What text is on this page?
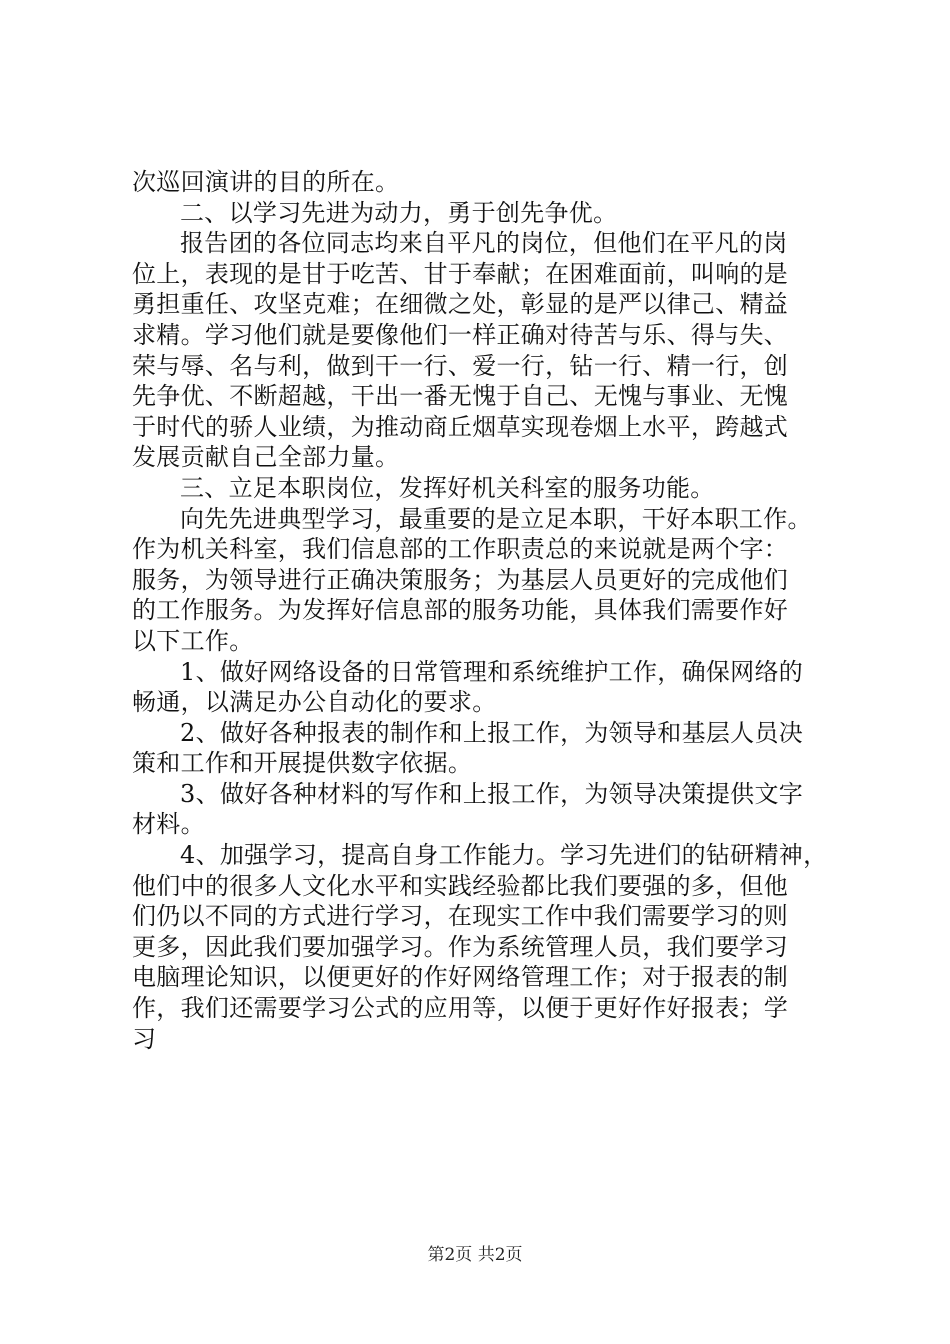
次巡回演讲的目的所在。
二、以学习先进为动力，勇于创先争优。
报告团的各位同志均来自平凡的岗位，但他们在平凡的岗
位上，表现的是甘于吃苦、甘于奉献；在困难面前，叫响的是
勇担重任、攻坚克难；在细微之处，彰显的是严以律己、精益
求精。学习他们就是要像他们一样正确对待苦与乐、得与失、
荣与辱、名与利，做到干一行、爱一行，钻一行、精一行，创
先争优、不断超越，干出一番无愧于自己、无愧与事业、无愧
于时代的骄人业绩，为推动商丘烟草实现卷烟上水平，跨越式
发展贡献自己全部力量。
三、立足本职岗位，发挥好机关科室的服务功能。
向先先进典型学习，最重要的是立足本职，干好本职工作。
作为机关科室，我们信息部的工作职责总的来说就是两个字：
服务，为领导进行正确决策服务；为基层人员更好的完成他们
的工作服务。为发挥好信息部的服务功能，具体我们需要作好
以下工作。
1、做好网络设备的日常管理和系统维护工作，确保网络的
畅通，以满足办公自动化的要求。
2、做好各种报表的制作和上报工作，为领导和基层人员决
策和工作和开展提供数字依据。
3、做好各种材料的写作和上报工作，为领导决策提供文字
材料。
4、加强学习，提高自身工作能力。学习先进们的钻研精神，
他们中的很多人文化水平和实践经验都比我们要强的多，但他
们仍以不同的方式进行学习，在现实工作中我们需要学习的则
更多，因此我们要加强学习。作为系统管理人员，我们要学习
电脑理论知识，以便更好的作好网络管理工作；对于报表的制
作，我们还需要学习公式的应用等，以便于更好作好报表；学
习
第2页 共2页
